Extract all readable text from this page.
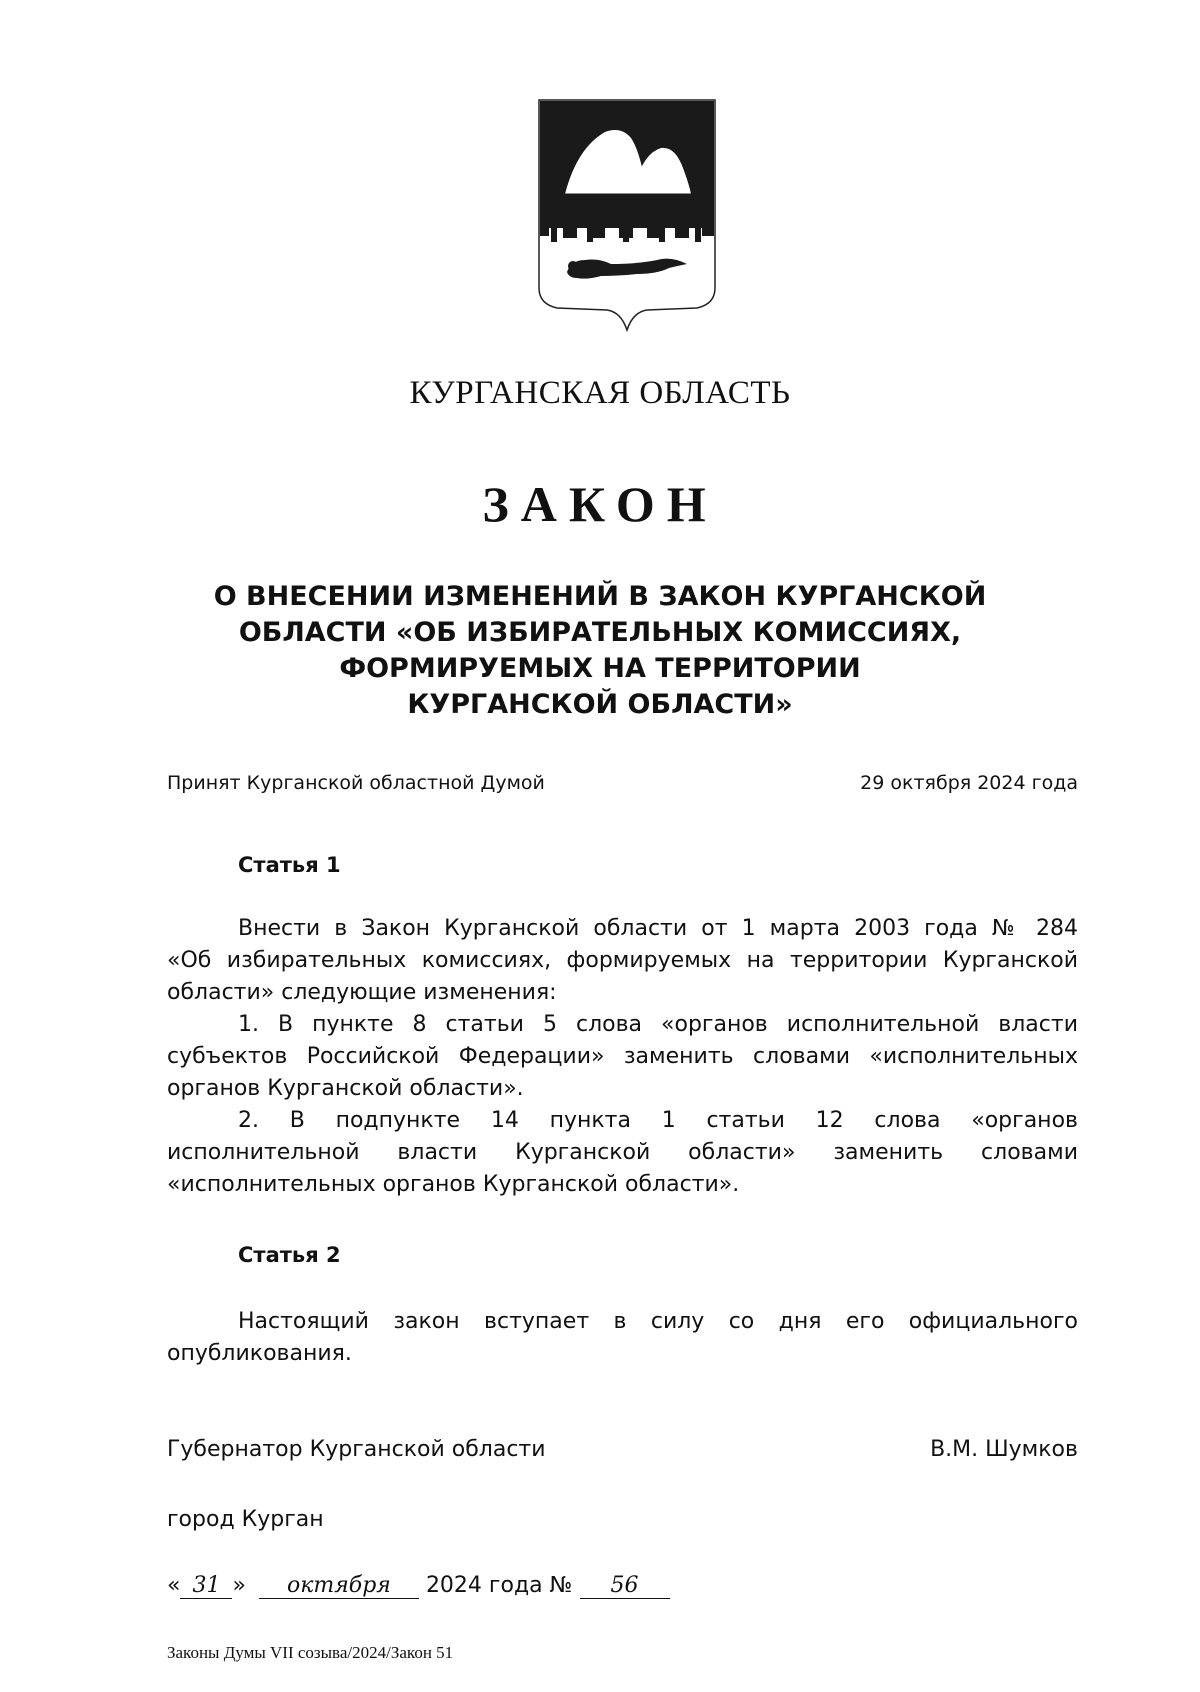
КУРГАНСКАЯ ОБЛАСТЬ
ЗАКОН
О ВНЕСЕНИИ ИЗМЕНЕНИЙ В ЗАКОН КУРГАНСКОЙ
ОБЛАСТИ «ОБ ИЗБИРАТЕЛЬНЫХ КОМИССИЯХ,
ФОРМИРУЕМЫХ НА ТЕРРИТОРИИ
КУРГАНСКОЙ ОБЛАСТИ»
Принят Курганской областной Думой	29 октября 2024 года
Статья 1
Внести в Закон Курганской области от 1 марта 2003 года № 284
«Об избирательных комиссиях, формируемых на территории Курганской
области» следующие изменения:
1. В пункте 8 статьи 5 слова «органов исполнительной власти
субъектов Российской Федерации» заменить словами «исполнительных
органов Курганской области».
2. В подпункте 14 пункта 1 статьи 12 слова «органов
исполнительной власти Курганской области» заменить словами
«исполнительных органов Курганской области».
Статья 2
Настоящий закон вступает в силу со дня его официального
опубликования.
Губернатор Курганской области	В.М. Шумков
город Курган
« 31 » октября 2024 года № 56
Законы Думы VII созыва/2024/Закон 51
